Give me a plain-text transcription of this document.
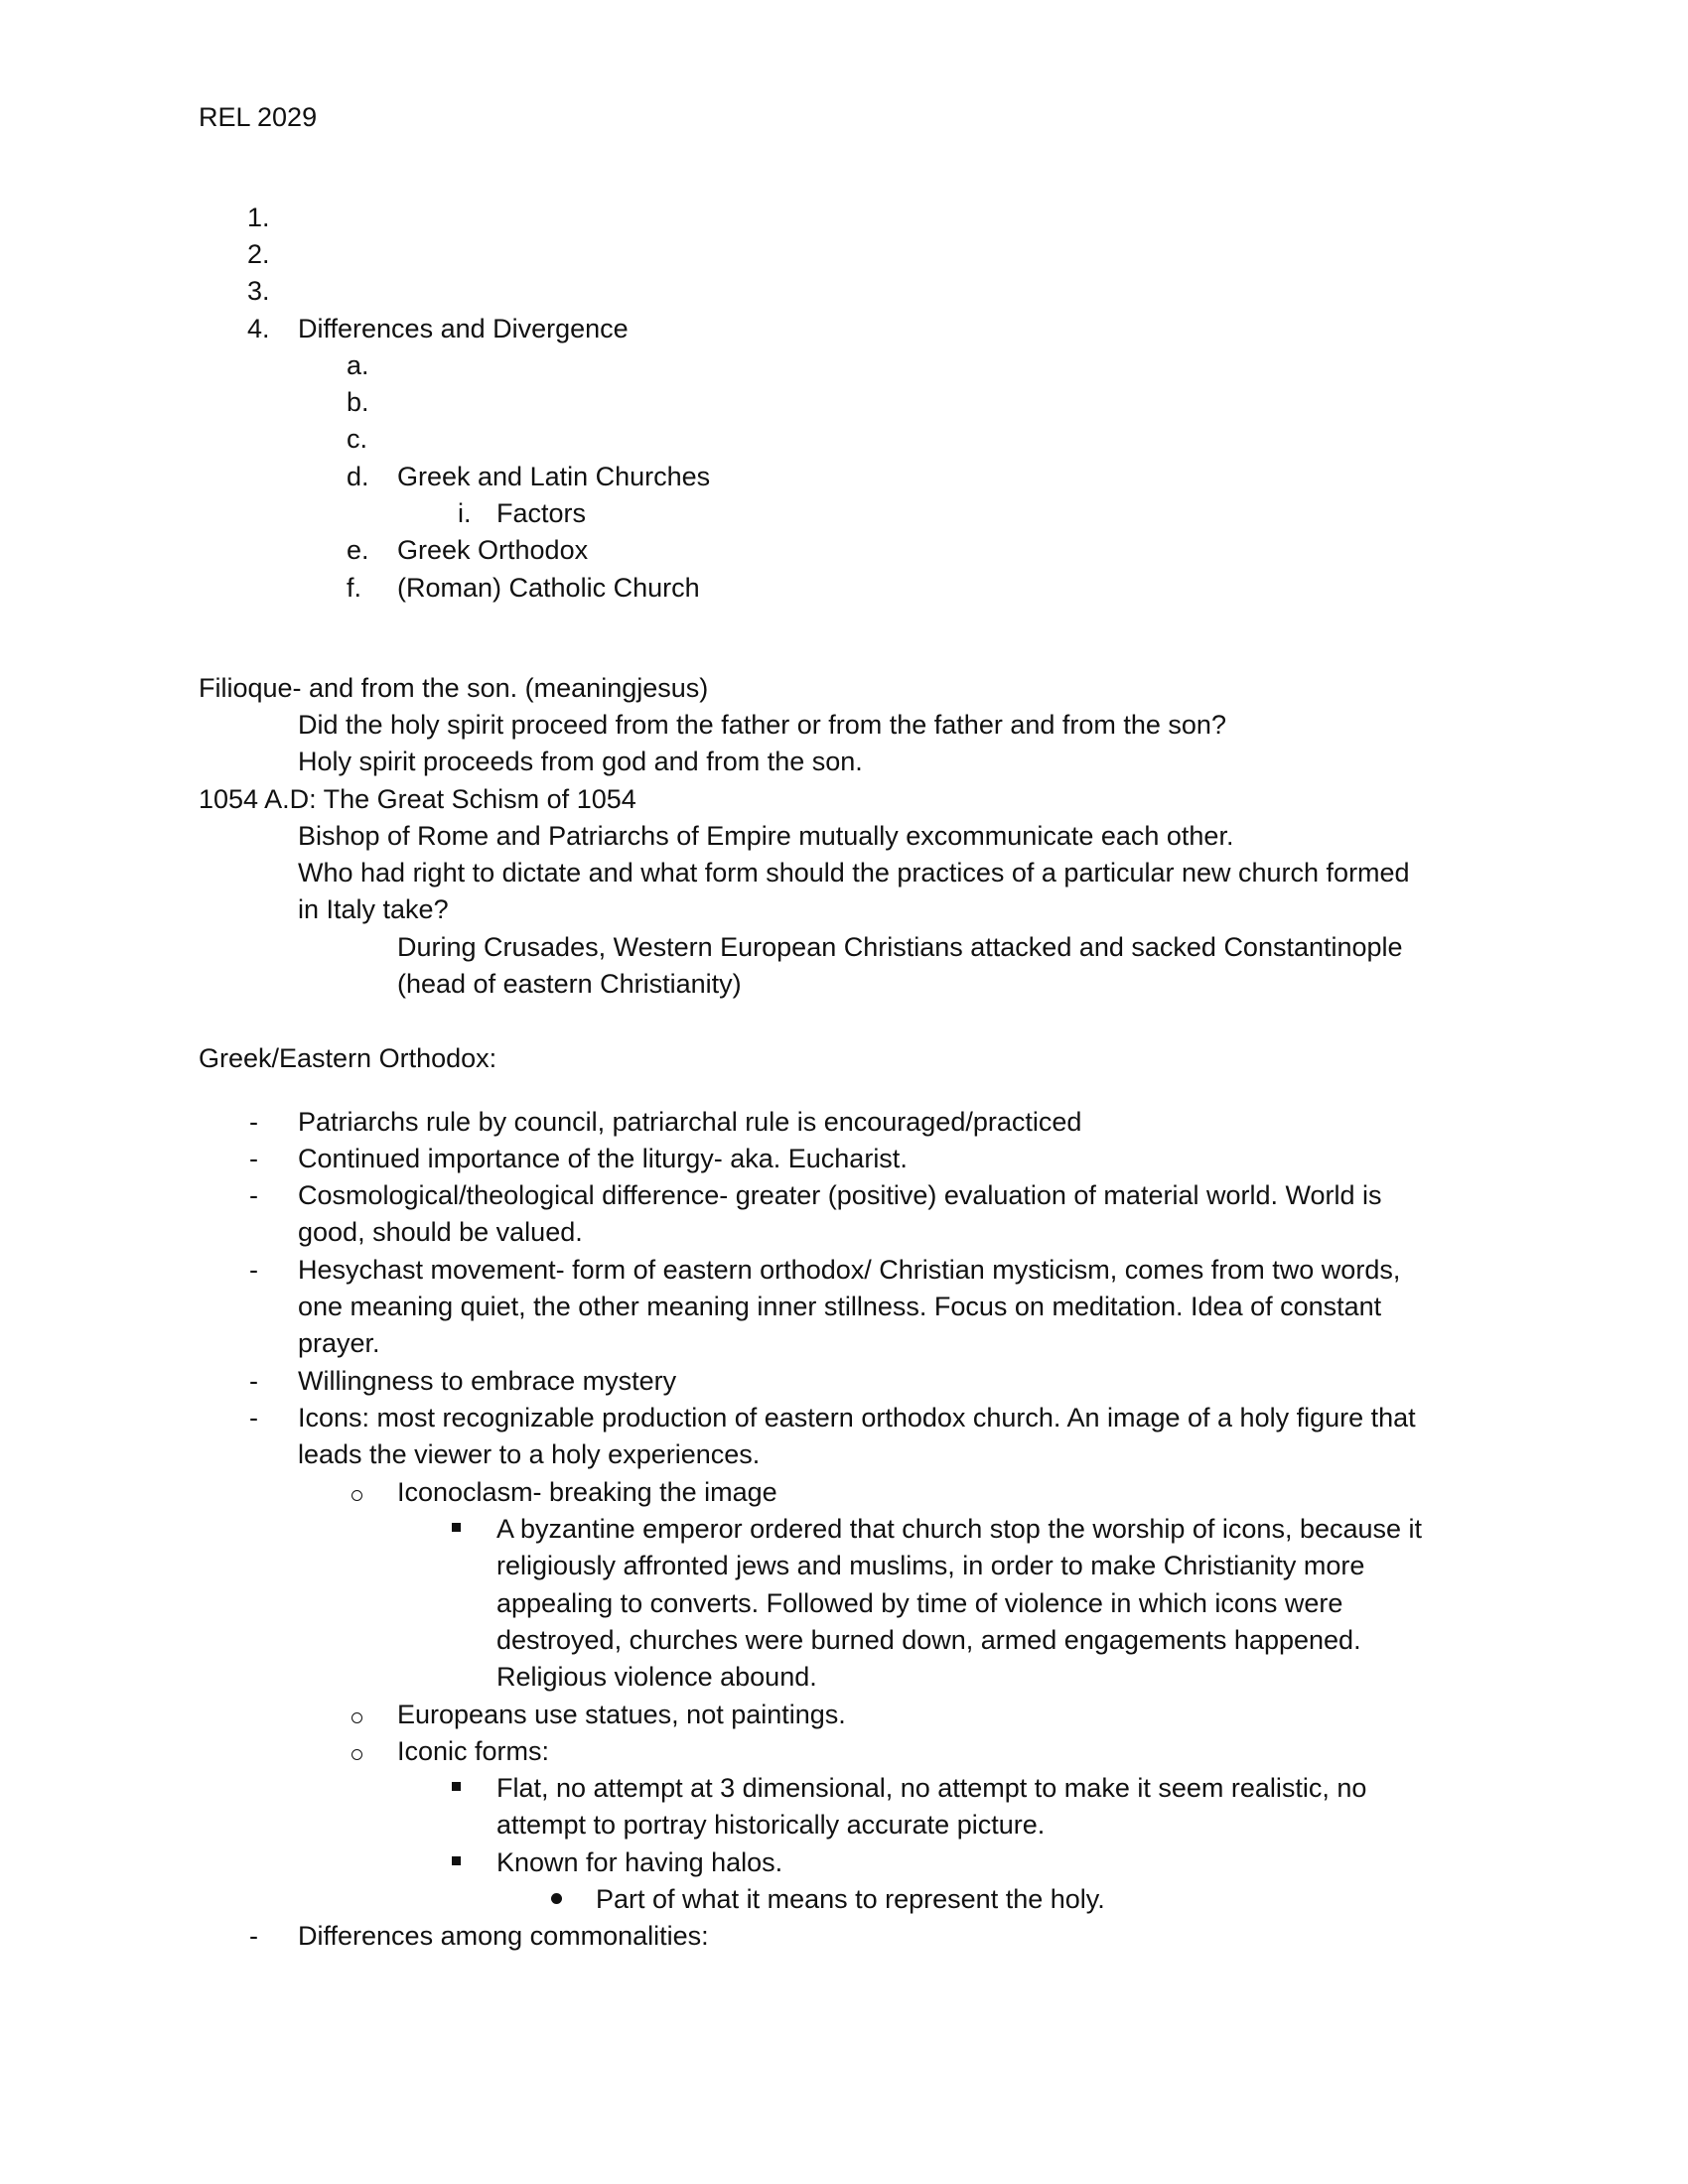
REL 2029
1.
2.
3.
4. Differences and Divergence
a.
b.
c.
d. Greek and Latin Churches
i. Factors
e. Greek Orthodox
f. (Roman) Catholic Church
Filioque- and from the son. (meaningjesus)
Did the holy spirit proceed from the father or from the father and from the son?
Holy spirit proceeds from god and from the son.
1054 A.D: The Great Schism of 1054
Bishop of Rome and Patriarchs of Empire mutually excommunicate each other.
Who had right to dictate and what form should the practices of a particular new church formed
in Italy take?
During Crusades, Western European Christians attacked and sacked Constantinople
(head of eastern Christianity)
Greek/Eastern Orthodox:
- Patriarchs rule by council, patriarchal rule is encouraged/practiced
- Continued importance of the liturgy- aka. Eucharist.
- Cosmological/theological difference- greater (positive) evaluation of material world. World is
good, should be valued.
- Hesychast movement- form of eastern orthodox/ Christian mysticism, comes from two words,
one meaning quiet, the other meaning inner stillness. Focus on meditation. Idea of constant
prayer.
- Willingness to embrace mystery
- Icons: most recognizable production of eastern orthodox church. An image of a holy figure that
leads the viewer to a holy experiences.
Iconoclasm- breaking the image
A byzantine emperor ordered that church stop the worship of icons, because it
religiously affronted jews and muslims, in order to make Christianity more
appealing to converts. Followed by time of violence in which icons were
destroyed, churches were burned down, armed engagements happened.
Religious violence abound.
Europeans use statues, not paintings.
Iconic forms:
Flat, no attempt at 3 dimensional, no attempt to make it seem realistic, no
attempt to portray historically accurate picture.
Known for having halos.
Part of what it means to represent the holy.
- Differences among commonalities:
